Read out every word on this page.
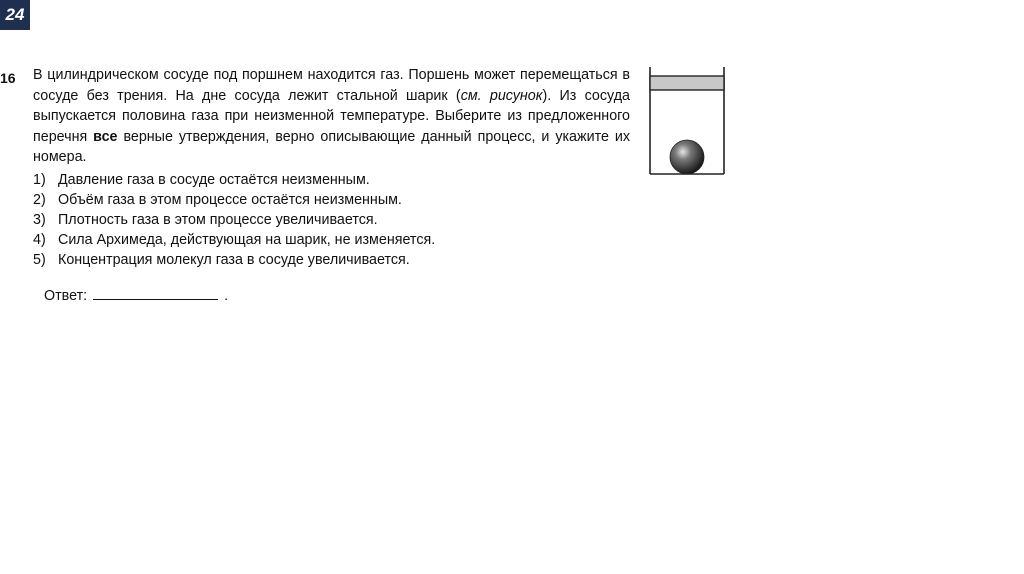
24
16 В цилиндрическом сосуде под поршнем находится газ. Поршень может перемещаться в сосуде без трения. На дне сосуда лежит стальной шарик (см. рисунок). Из сосуда выпускается половина газа при неизменной температуре. Выберите из предложенного перечня все верные утверждения, верно описывающие данный процесс, и укажите их номера.

1) Давление газа в сосуде остаётся неизменным.
2) Объём газа в этом процессе остаётся неизменным.
3) Плотность газа в этом процессе увеличивается.
4) Сила Архимеда, действующая на шарик, не изменяется.
5) Концентрация молекул газа в сосуде увеличивается.
Ответ:	.
